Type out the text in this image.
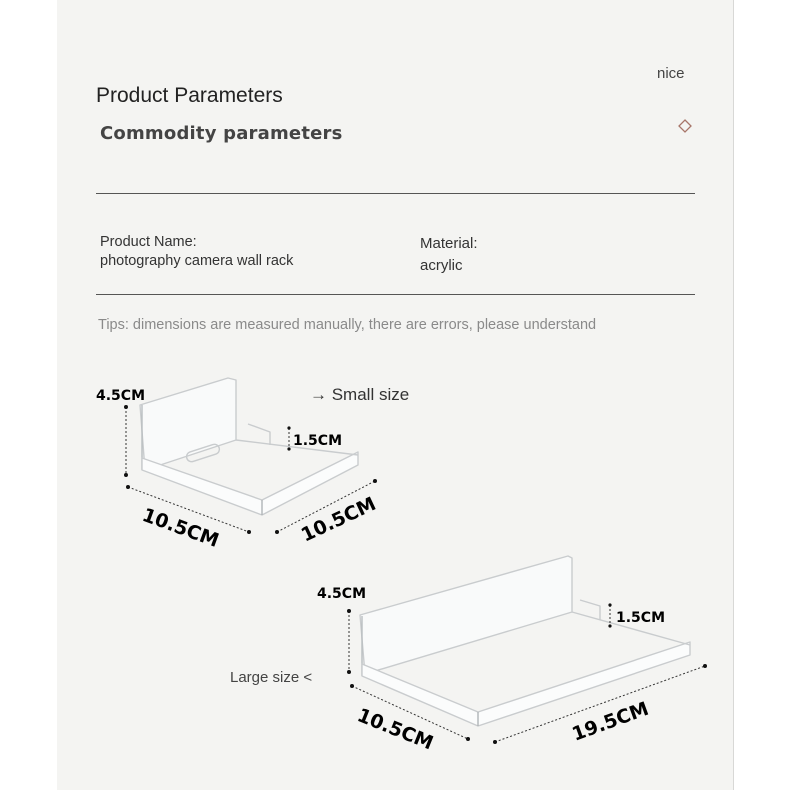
Product Parameters
Commodity parameters
nice
Product Name:
photography camera wall rack
Material:
acrylic
Tips: dimensions are measured manually, there are errors, please understand
4.5CM
1.5CM
10.5CM	10.5CM
4.5CM
1.5CM
10.5CM	19.5CM
→ Small size
Large size <
